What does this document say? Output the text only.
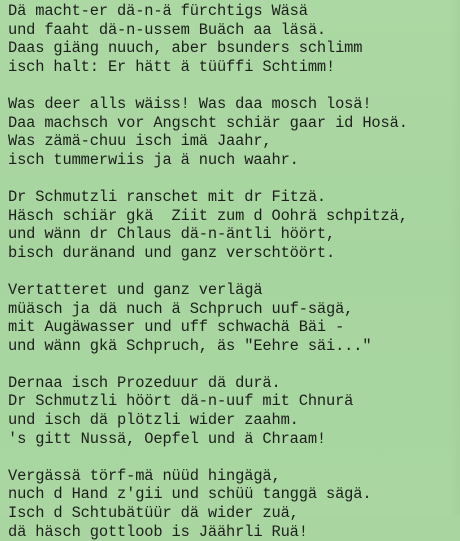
Dä macht-er dä-n-ä fürchtigs Wäsä
und faaht dä-n-ussem Buäch aa läsä.
Daas giäng nuuch, aber bsunders schlimm
isch halt: Er hätt ä tüüffi Schtimm!
Was deer alls wäiss! Was daa mosch losä!
Daa machsch vor Angscht schiär gaar id Hosä.
Was zämä-chuu isch imä Jaahr,
isch tummerwiis ja ä nuch waahr.
Dr Schmutzli ranschet mit dr Fitzä.
Häsch schiär gkä  Ziit zum d Oohrä schpitzä,
und wänn dr Chlaus dä-n-äntli höört,
bisch duränand und ganz verschtöört.
Vertatteret und ganz verlägä
müäsch ja dä nuch ä Schpruch uuf-sägä,
mit Augäwasser und uff schwachä Bäi -
und wänn gkä Schpruch, äs "Eehre säi..."
Dernaa isch Prozeduur dä durä.
Dr Schmutzli höört dä-n-uuf mit Chnurä
und isch dä plötzli wider zaahm.
's gitt Nussä, Oepfel und ä Chraam!
Vergässä törf-mä nüüd hingägä,
nuch d Hand z'gii und schüü tanggä sägä.
Isch d Schtubätüür dä wider zuä,
dä häsch gottloob is Jäährli Ruä!
